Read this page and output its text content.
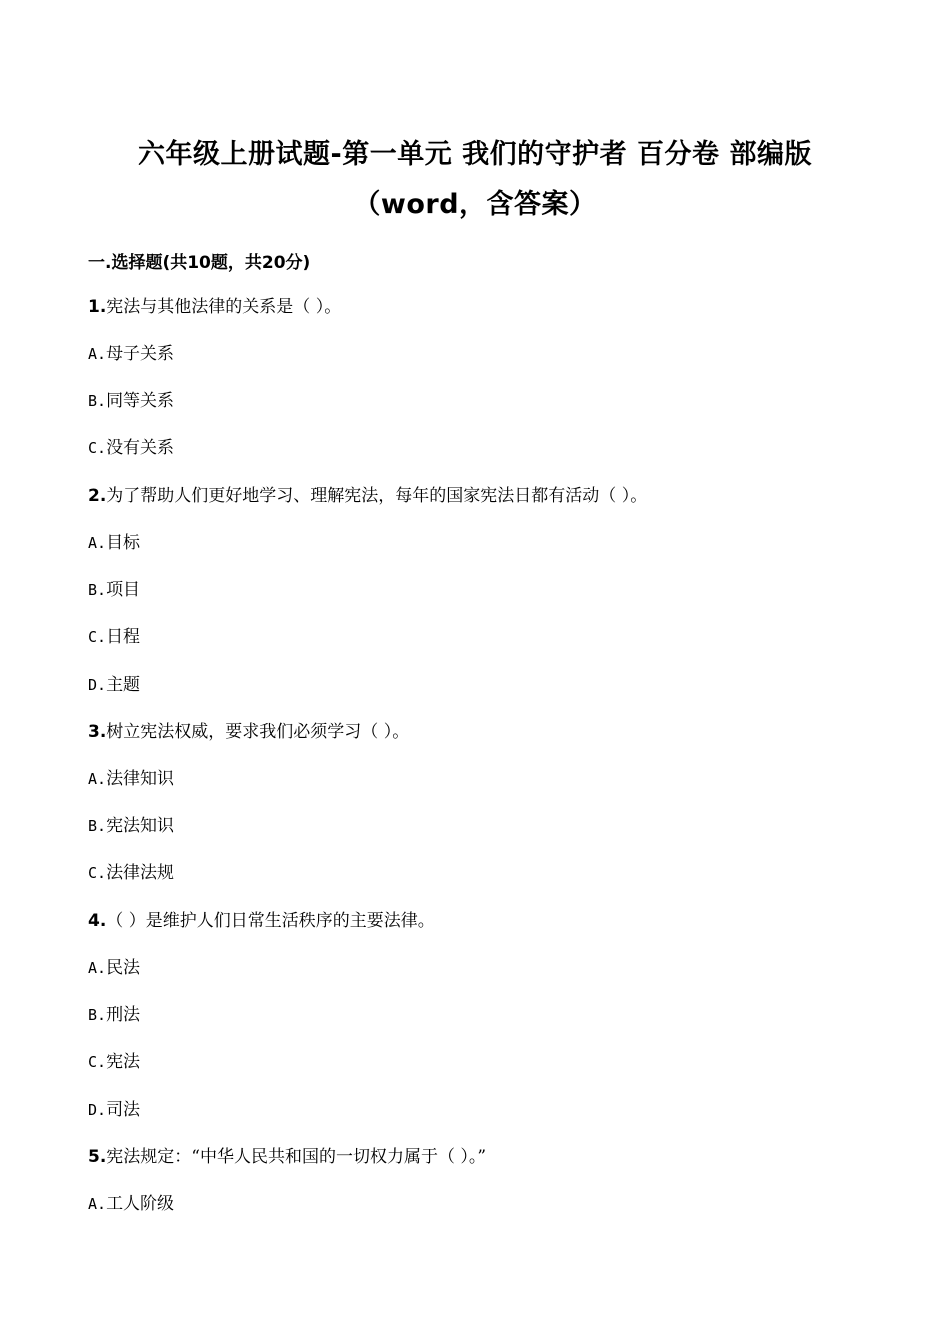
六年级上册试题-第一单元 我们的守护者 百分卷 部编版
（word，含答案）
一.选择题(共10题，共20分)
1.宪法与其他法律的关系是（ ）。
A.母子关系
B.同等关系
C.没有关系
2.为了帮助人们更好地学习、理解宪法，每年的国家宪法日都有活动（ ）。
A.目标
B.项目
C.日程
D.主题
3.树立宪法权威，要求我们必须学习（ ）。
A.法律知识
B.宪法知识
C.法律法规
4.（ ）是维护人们日常生活秩序的主要法律。
A.民法
B.刑法
C.宪法
D.司法
5.宪法规定：“中华人民共和国的一切权力属于（ ）。”
A.工人阶级
